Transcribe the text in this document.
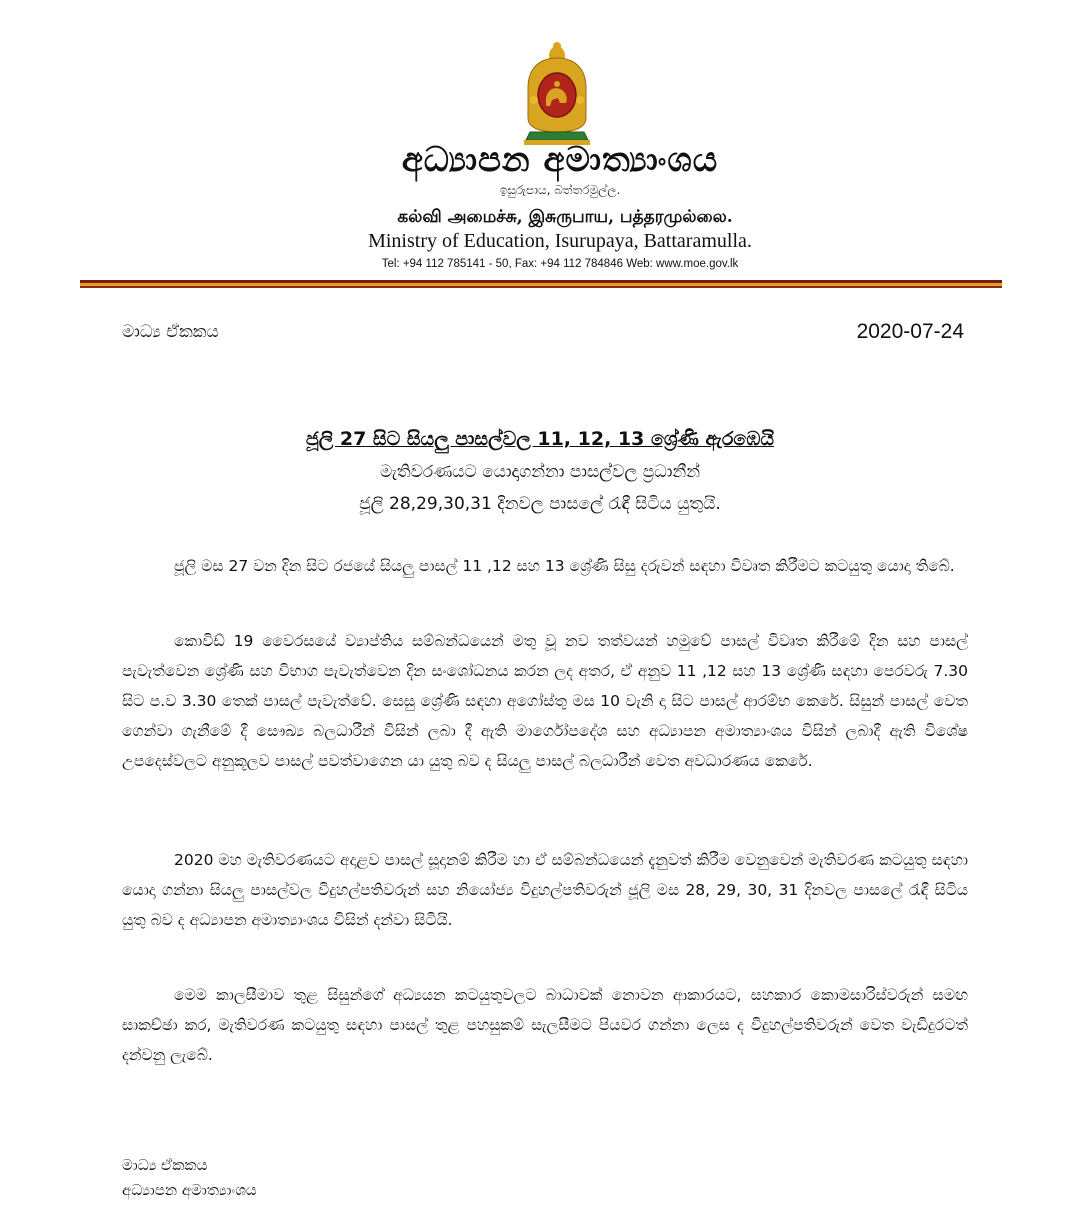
අධ්‍යාපන අමාත්‍යාංශය
ඉසුරුපාය, බත්තරමුල්ල.
கல்வி அமைச்சு, இசுருபாய, பத்தரமுல்லை.
Ministry of Education, Isurupaya, Battaramulla.
Tel: +94 112 785141 - 50, Fax: +94 112 784846 Web: www.moe.gov.lk
මාධ්‍ය ඒකකය	2020-07-24
ජූලි 27 සිට සියලු පාසල්වල 11, 12, 13 ශ්‍රේණි ඇරඹෙයි
මැතිවරණයට යොදාගන්නා පාසල්වල ප්‍රධානීන්
ජූලි 28,29,30,31 දිනවල පාසලේ රැඳී සිටිය යුතුයි.

ජූලි මස 27 වන දින සිට රජයේ සියලු පාසල් 11 ,12 සහ 13 ශ්‍රේණි සිසු දරුවන් සඳහා විවෘත කිරීමට කටයුතු යොදා තිබේ.

කොවිඩ් 19 වෛරසයේ ව්‍යාප්තිය සම්බන්ධයෙන් මතු වූ නව තත්වයන් හමුවේ පාසල් විවෘත කිරීමේ දින සහ පාසල් පැවැත්වෙන ශ්‍රේණි සහ විභාග පැවැත්වෙන දින සංශෝධනය කරන ලද අතර, ඒ අනුව 11 ,12 සහ 13 ශ්‍රේණි සඳහා පෙරවරු 7.30 සිට ප.ව 3.30 තෙක් පාසල් පැවැත්වේ. සෙසු ශ්‍රේණි සඳහා අගෝස්තු මස 10 වැනි දා සිට පාසල් ආරම්භ කෙරේ. සිසුන් පාසල් වෙත ගෙන්වා ගැනීමේ දී සෞඛ්‍ය බලධාරීන් විසින් ලබා දී ඇති මාර්ගෝපදේශ සහ අධ්‍යාපන අමාත්‍යාංශය විසින් ලබාදී ඇති විශේෂ උපදෙස්වලට අනුකූලව පාසල් පවත්වාගෙන යා යුතු බව ද සියලු පාසල් බලධාරීන් වෙත අවධාරණය කෙරේ.

2020 මහ මැතිවරණයට අදාළව පාසල් සූදානම් කිරීම හා ඒ සම්බන්ධයෙන් දැනුවත් කිරීම වෙනුවෙන් මැතිවරණ කටයුතු සඳහා යොදා ගන්නා සියලු පාසල්වල විදුහල්පතිවරුන් සහ නියෝජ්‍ය විදුහල්පතිවරුන් ජූලි මස 28, 29, 30, 31 දිනවල පාසලේ රැඳී සිටිය යුතු බව ද අධ්‍යාපන අමාත්‍යාංශය විසින් දන්වා සිටියි.

මෙම කාලසීමාව තුළ සිසුන්ගේ අධ්‍යයන කටයුතුවලට බාධාවක් නොවන ආකාරයට, සහකාර කොමසාරිස්වරුන් සමඟ සාකච්ඡා කර, මැතිවරණ කටයුතු සඳහා පාසල් තුළ පහසුකම් සැලසීමට පියවර ගන්නා ලෙස ද විදුහල්පතිවරුන් වෙත වැඩිදුරටත් දන්වනු ලැබේ.

මාධ්‍ය ඒකකය
අධ්‍යාපන අමාත්‍යාංශය
